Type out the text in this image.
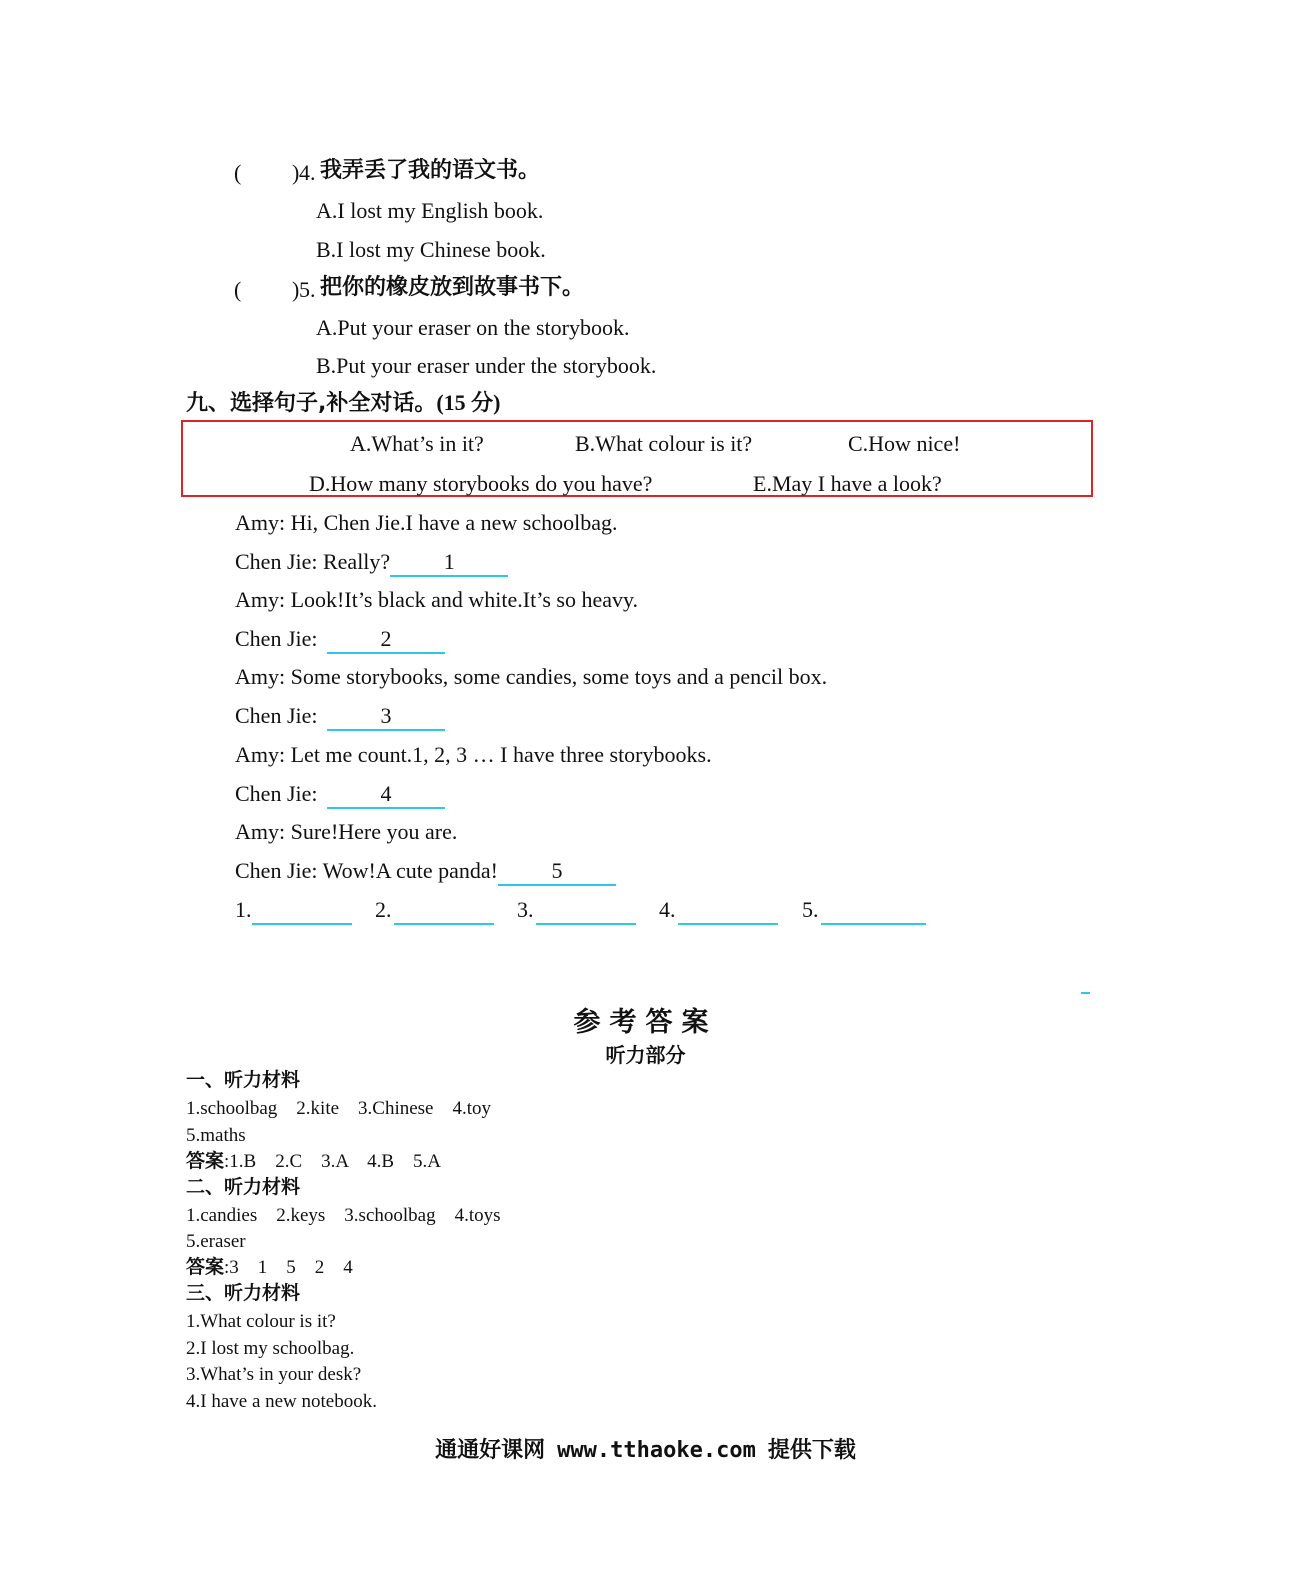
( ) 4. 我弄丢了我的语文书。
A.I lost my English book.
B.I lost my Chinese book.
( ) 5. 把你的橡皮放到故事书下。
A.Put your eraser on the storybook.
B.Put your eraser under the storybook.
九、选择句子,补全对话。(15 分)
A.What’s in it?	B.What colour is it?	C.How nice!
D.How many storybooks do you have?	E.May I have a look?
Amy: Hi, Chen Jie.I have a new schoolbag.
Chen Jie: Really? 1
Amy: Look!It’s black and white.It’s so heavy.
Chen Jie:	2
Amy: Some storybooks, some candies, some toys and a pencil box.
Chen Jie:	3
Amy: Let me count.1, 2, 3 … I have three storybooks.
Chen Jie:	4
Amy: Sure!Here you are.
Chen Jie: Wow!A cute panda! 5
1.	2.	3.	4.	5.
参考答案
听力部分
一、听力材料
1.schoolbag    2.kite    3.Chinese    4.toy
5.maths
答案:1.B    2.C    3.A    4.B    5.A
二、听力材料
1.candies    2.keys    3.schoolbag    4.toys
5.eraser
答案:3    1    5    2    4
三、听力材料
1.What colour is it?
2.I lost my schoolbag.
3.What’s in your desk?
4.I have a new notebook.
通通好课网 www.tthaoke.com 提供下载
